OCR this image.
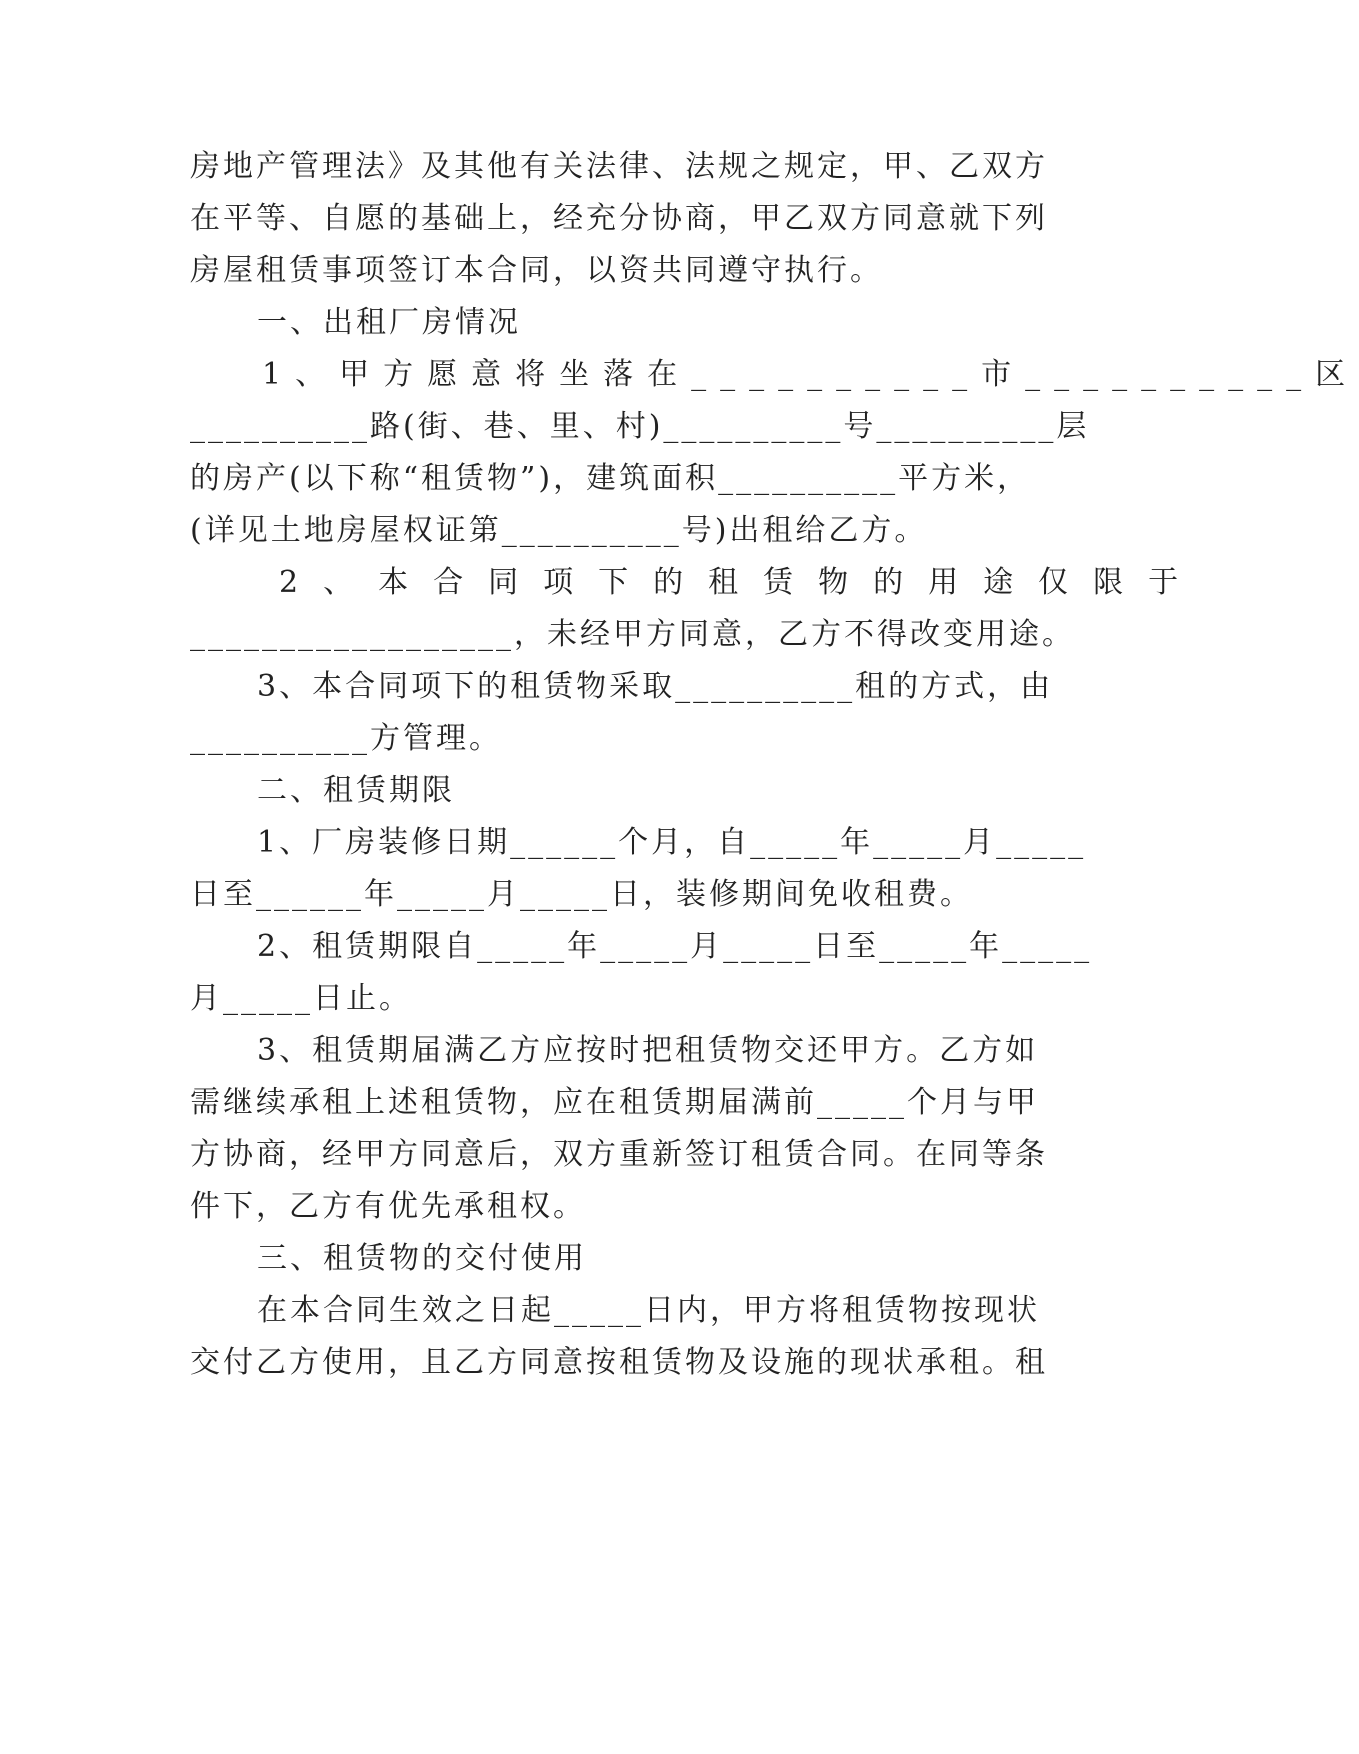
房地产管理法》及其他有关法律、法规之规定，甲、乙双方
在平等、自愿的基础上，经充分协商，甲乙双方同意就下列
房屋租赁事项签订本合同，以资共同遵守执行。
一、出租厂房情况
1、甲方愿意将坐落在__________市__________区
__________路(街、巷、里、村)__________号__________层
的房产(以下称“租赁物”)，建筑面积__________平方米，
(详见土地房屋权证第__________号)出租给乙方。
2、本合同项下的租赁物的用途仅限于
__________________，未经甲方同意，乙方不得改变用途。
3、本合同项下的租赁物采取__________租的方式，由
__________方管理。
二、租赁期限
1、厂房装修日期______个月，自_____年_____月_____
日至______年_____月_____日，装修期间免收租费。
2、租赁期限自_____年_____月_____日至_____年_____
月_____日止。
3、租赁期届满乙方应按时把租赁物交还甲方。乙方如
需继续承租上述租赁物，应在租赁期届满前_____个月与甲
方协商，经甲方同意后，双方重新签订租赁合同。在同等条
件下，乙方有优先承租权。
三、租赁物的交付使用
在本合同生效之日起_____日内，甲方将租赁物按现状
交付乙方使用，且乙方同意按租赁物及设施的现状承租。租
